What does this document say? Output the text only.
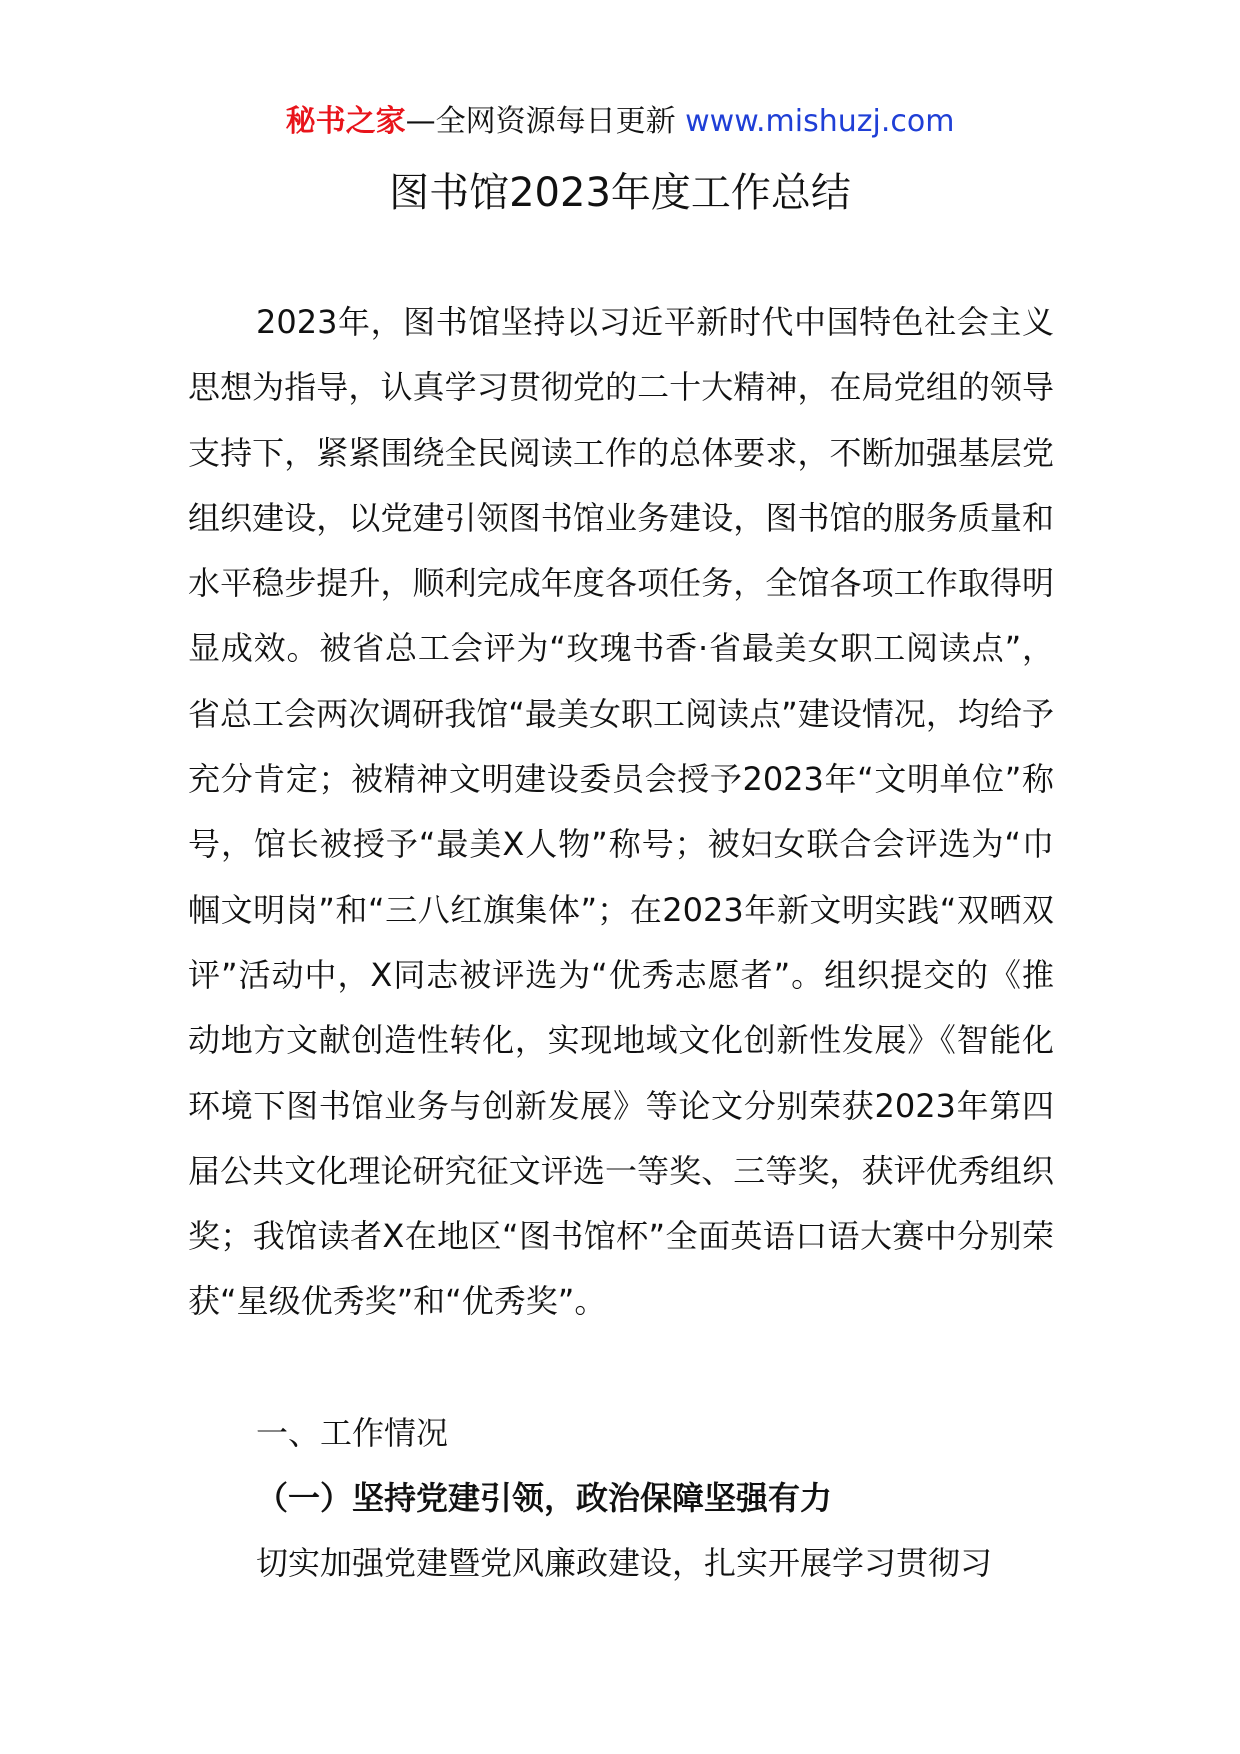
秘书之家—全网资源每日更新 www.mishuzj.com
图书馆2023年度工作总结

2023年，图书馆坚持以习近平新时代中国特色社会主义思想为指导，认真学习贯彻党的二十大精神，在局党组的领导支持下，紧紧围绕全民阅读工作的总体要求，不断加强基层党组织建设，以党建引领图书馆业务建设，图书馆的服务质量和水平稳步提升，顺利完成年度各项任务，全馆各项工作取得明显成效。被省总工会评为“玫瑰书香·省最美女职工阅读点”，省总工会两次调研我馆“最美女职工阅读点”建设情况，均给予充分肯定；被精神文明建设委员会授予2023年“文明单位”称号，馆长被授予“最美X人物”称号；被妇女联合会评选为“巾帼文明岗”和“三八红旗集体”；在2023年新文明实践“双晒双评”活动中，X同志被评选为“优秀志愿者”。组织提交的《推动地方文献创造性转化，实现地域文化创新性发展》《智能化环境下图书馆业务与创新发展》等论文分别荣获2023年第四届公共文化理论研究征文评选一等奖、三等奖，获评优秀组织奖；我馆读者X在地区“图书馆杯”全面英语口语大赛中分别荣获“星级优秀奖”和“优秀奖”。

一、工作情况

（一）坚持党建引领，政治保障坚强有力

切实加强党建暨党风廉政建设，扎实开展学习贯彻习
